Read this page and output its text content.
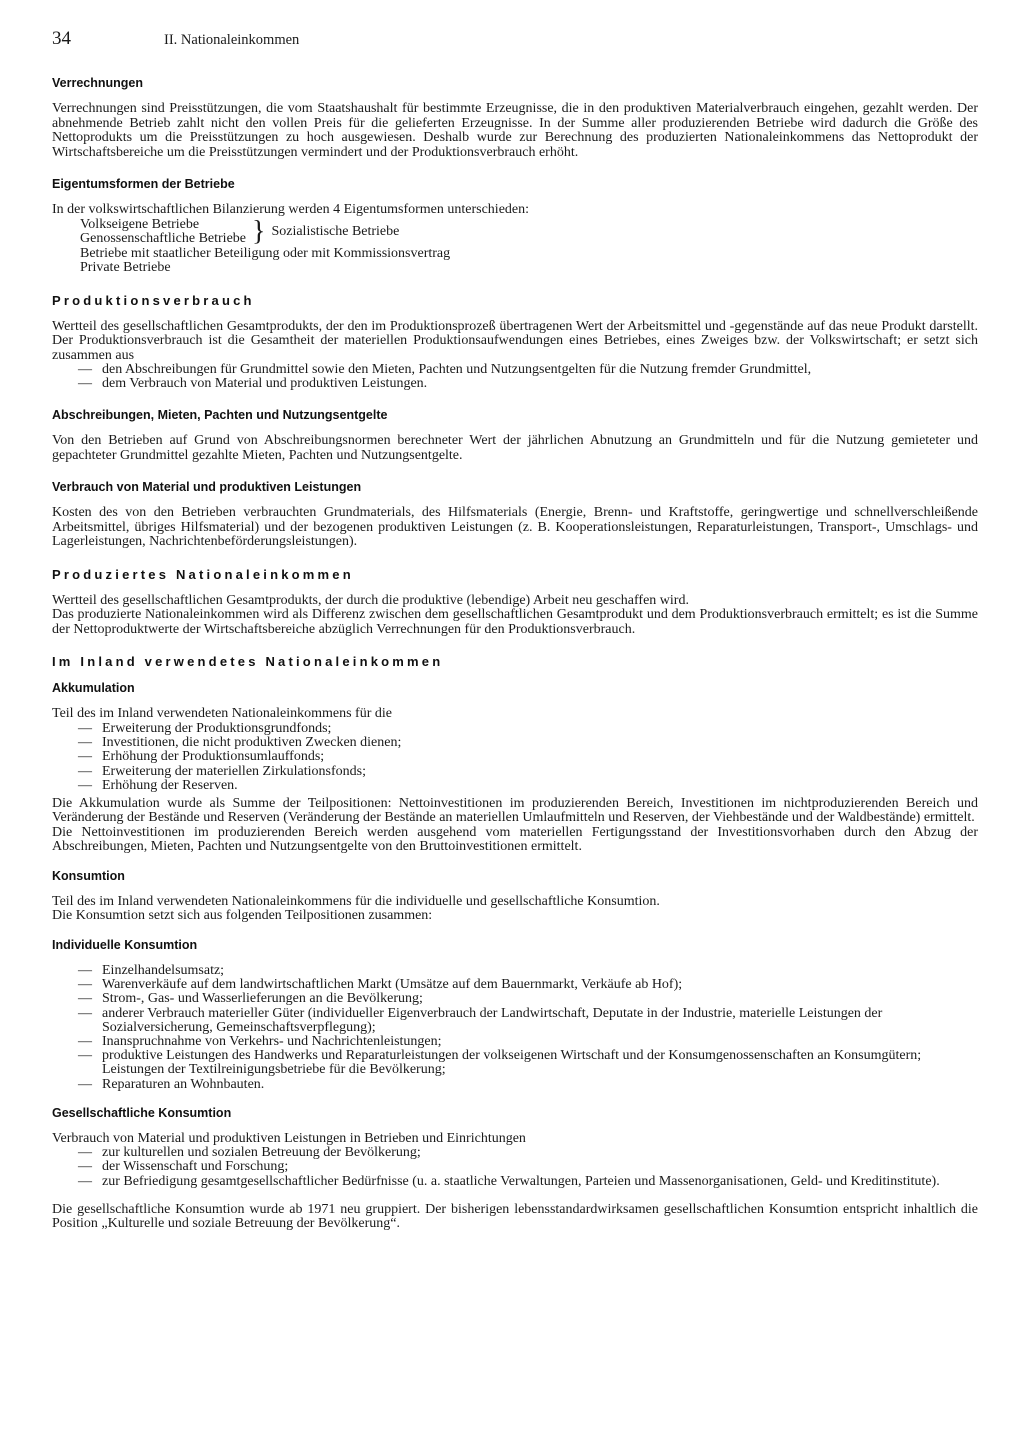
34	II. Nationaleinkommen
Verrechnungen

Verrechnungen sind Preisstützungen, die vom Staatshaushalt für bestimmte Erzeugnisse, die in den produktiven Materialverbrauch eingehen, gezahlt werden. Der abnehmende Betrieb zahlt nicht den vollen Preis für die gelieferten Erzeugnisse. In der Summe aller produzierenden Betriebe wird dadurch die Größe des Nettoprodukts um die Preisstützungen zu hoch ausgewiesen. Deshalb wurde zur Berechnung des produzierten Nationaleinkommens das Nettoprodukt der Wirtschaftsbereiche um die Preisstützungen vermindert und der Produktionsverbrauch erhöht.

Eigentumsformen der Betriebe

In der volkswirtschaftlichen Bilanzierung werden 4 Eigentumsformen unterschieden:

Volkseigene Betriebe
Genossenschaftliche Betriebe } Sozialistische Betriebe
Betriebe mit staatlicher Beteiligung oder mit Kommissionsvertrag
Private Betriebe
Produktionsverbrauch

Wertteil des gesellschaftlichen Gesamtprodukts, der den im Produktionsprozeß übertragenen Wert der Arbeitsmittel und -gegenstände auf das neue Produkt darstellt. Der Produktionsverbrauch ist die Gesamtheit der materiellen Produktionsaufwendungen eines Betriebes, eines Zweiges bzw. der Volkswirtschaft; er setzt sich zusammen aus

— den Abschreibungen für Grundmittel sowie den Mieten, Pachten und Nutzungsentgelten für die Nutzung fremder Grundmittel,
— dem Verbrauch von Material und produktiven Leistungen.
Abschreibungen, Mieten, Pachten und Nutzungsentgelte

Von den Betrieben auf Grund von Abschreibungsnormen berechneter Wert der jährlichen Abnutzung an Grundmitteln und für die Nutzung gemieteter und gepachteter Grundmittel gezahlte Mieten, Pachten und Nutzungsentgelte.

Verbrauch von Material und produktiven Leistungen

Kosten des von den Betrieben verbrauchten Grundmaterials, des Hilfsmaterials (Energie, Brenn- und Kraftstoffe, geringwertige und schnellverschleißende Arbeitsmittel, übriges Hilfsmaterial) und der bezogenen produktiven Leistungen (z. B. Kooperationsleistungen, Reparaturleistungen, Transport-, Umschlags- und Lagerleistungen, Nachrichtenbeförderungsleistungen).

Produziertes Nationaleinkommen

Wertteil des gesellschaftlichen Gesamtprodukts, der durch die produktive (lebendige) Arbeit neu geschaffen wird.

Das produzierte Nationaleinkommen wird als Differenz zwischen dem gesellschaftlichen Gesamtprodukt und dem Produktionsverbrauch ermittelt; es ist die Summe der Nettoproduktwerte der Wirtschaftsbereiche abzüglich Verrechnungen für den Produktionsverbrauch.

Im Inland verwendetes Nationaleinkommen
Akkumulation

Teil des im Inland verwendeten Nationaleinkommens für die

— Erweiterung der Produktionsgrundfonds;
— Investitionen, die nicht produktiven Zwecken dienen;
— Erhöhung der Produktionsumlauffonds;
— Erweiterung der materiellen Zirkulationsfonds;
— Erhöhung der Reserven.

Die Akkumulation wurde als Summe der Teilpositionen: Nettoinvestitionen im produzierenden Bereich, Investitionen im nichtproduzierenden Bereich und Veränderung der Bestände und Reserven (Veränderung der Bestände an materiellen Umlaufmitteln und Reserven, der Viehbestände und der Waldbestände) ermittelt.

Die Nettoinvestitionen im produzierenden Bereich werden ausgehend vom materiellen Fertigungsstand der Investitionsvorhaben durch den Abzug der Abschreibungen, Mieten, Pachten und Nutzungsentgelte von den Bruttoinvestitionen ermittelt.

Konsumtion

Teil des im Inland verwendeten Nationaleinkommens für die individuelle und gesellschaftliche Konsumtion.

Die Konsumtion setzt sich aus folgenden Teilpositionen zusammen:

Individuelle Konsumtion
— Einzelhandelsumsatz;
— Warenverkäufe auf dem landwirtschaftlichen Markt (Umsätze auf dem Bauernmarkt, Verkäufe ab Hof);
— Strom-, Gas- und Wasserlieferungen an die Bevölkerung;
— anderer Verbrauch materieller Güter (individueller Eigenverbrauch der Landwirtschaft, Deputate in der Industrie, materielle Leistungen der Sozialversicherung, Gemeinschaftsverpflegung);
— Inanspruchnahme von Verkehrs- und Nachrichtenleistungen;
— produktive Leistungen des Handwerks und Reparaturleistungen der volkseigenen Wirtschaft und der Konsumgenossenschaften an Konsumgütern; Leistungen der Textilreinigungsbetriebe für die Bevölkerung;
— Reparaturen an Wohnbauten.
Gesellschaftliche Konsumtion

Verbrauch von Material und produktiven Leistungen in Betrieben und Einrichtungen

— zur kulturellen und sozialen Betreuung der Bevölkerung;
— der Wissenschaft und Forschung;
— zur Befriedigung gesamtgesellschaftlicher Bedürfnisse (u. a. staatliche Verwaltungen, Parteien und Massenorganisationen, Geld- und Kreditinstitute).

Die gesellschaftliche Konsumtion wurde ab 1971 neu gruppiert. Der bisherigen lebensstandardwirksamen gesellschaftlichen Konsumtion entspricht inhaltlich die Position „Kulturelle und soziale Betreuung der Bevölkerung“.
